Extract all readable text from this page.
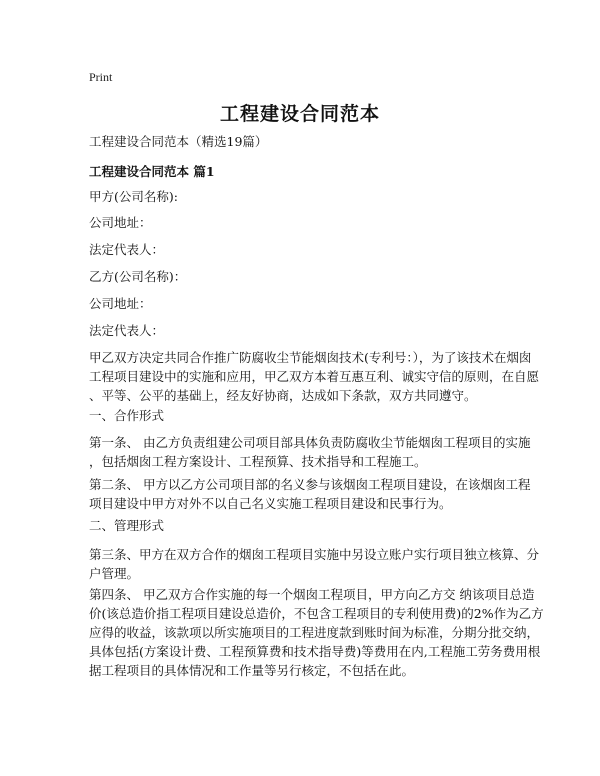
Print
工程建设合同范本
工程建设合同范本（精选19篇）
工程建设合同范本 篇1
甲方(公司名称):
公司地址：
法定代表人：
乙方(公司名称)：
公司地址：
法定代表人：
甲乙双方决定共同合作推广防腐收尘节能烟囱技术(专利号：），为了该技术在烟囱
工程项目建设中的实施和应用，甲乙双方本着互惠互利、诚实守信的原则，在自愿
、平等、公平的基础上，经友好协商，达成如下条款，双方共同遵守。
一、合作形式
第一条、 由乙方负责组建公司项目部具体负责防腐收尘节能烟囱工程项目的实施
，包括烟囱工程方案设计、工程预算、技术指导和工程施工。
第二条、 甲方以乙方公司项目部的名义参与该烟囱工程项目建设，在该烟囱工程
项目建设中甲方对外不以自己名义实施工程项目建设和民事行为。
二、管理形式
第三条、甲方在双方合作的烟囱工程项目实施中另设立账户实行项目独立核算、分
户管理。
第四条、 甲乙双方合作实施的每一个烟囱工程项目，甲方向乙方交 纳该项目总造
价(该总造价指工程项目建设总造价，不包含工程项目的专利使用费)的2%作为乙方
应得的收益，该款项以所实施项目的工程进度款到账时间为标准，分期分批交纳，
具体包括(方案设计费、工程预算费和技术指导费)等费用在内,工程施工劳务费用根
据工程项目的具体情况和工作量等另行核定，不包括在此。
